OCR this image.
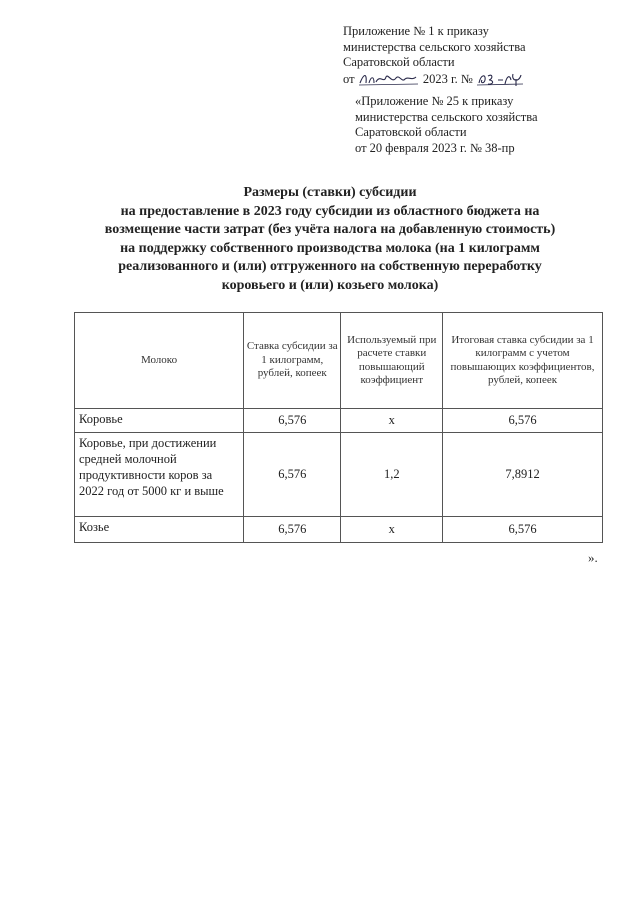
Приложение № 1 к приказу
министерства сельского хозяйства
Саратовской области
от	2023 г. №
«Приложение № 25 к приказу
министерства сельского хозяйства
Саратовской области
от 20 февраля 2023 г. № 38-пр
Размеры (ставки) субсидии
на предоставление в 2023 году субсидии из областного бюджета на
возмещение части затрат (без учёта налога на добавленную стоимость)
на поддержку собственного производства молока (на 1 килограмм
реализованного и (или) отгруженного на собственную переработку
коровьего и (или) козьего молока)
Молоко	Ставка субсидии за 1 килограмм, рублей, копеек	Используемый при расчете ставки повышающий коэффициент	Итоговая ставка субсидии за 1 килограмм с учетом повышающих коэффициентов, рублей, копеек
Коровье	6,576	х	6,576
Коровье, при достижении средней молочной продуктивности коров за 2022 год от 5000 кг и выше	6,576	1,2	7,8912
Козье	6,576	х	6,576
».
